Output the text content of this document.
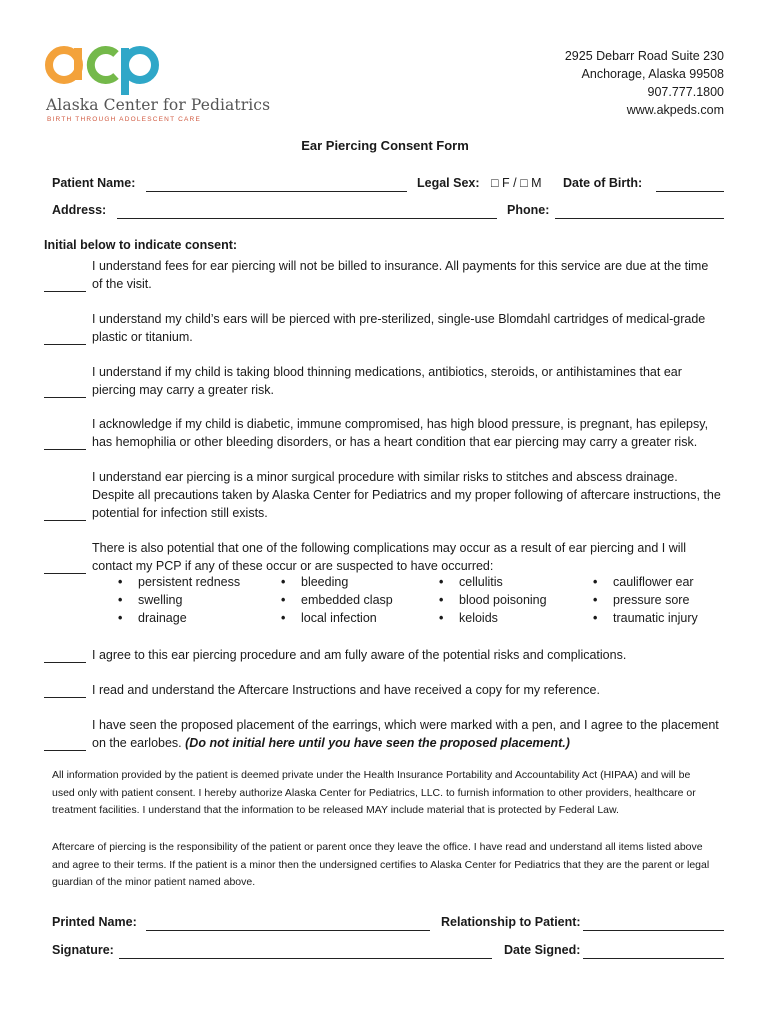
Alaska Center for Pediatrics
BIRTH THROUGH ADOLESCENT CARE
2925 Debarr Road Suite 230
Anchorage, Alaska 99508
907.777.1800
www.akpeds.com
Ear Piercing Consent Form
Patient Name:	Legal Sex: □ F / □ M Date of Birth:
Address:	Phone:
Initial below to indicate consent:
I understand fees for ear piercing will not be billed to insurance. All payments for this service are due at the time of the visit.
I understand my child’s ears will be pierced with pre-sterilized, single-use Blomdahl cartridges of medical-grade plastic or titanium.
I understand if my child is taking blood thinning medications, antibiotics, steroids, or antihistamines that ear piercing may carry a greater risk.
I acknowledge if my child is diabetic, immune compromised, has high blood pressure, is pregnant, has epilepsy, has hemophilia or other bleeding disorders, or has a heart condition that ear piercing may carry a greater risk.
I understand ear piercing is a minor surgical procedure with similar risks to stitches and abscess drainage. Despite all precautions taken by Alaska Center for Pediatrics and my proper following of aftercare instructions, the potential for infection still exists.
There is also potential that one of the following complications may occur as a result of ear piercing and I will contact my PCP if any of these occur or are suspected to have occurred:
• persistent redness	• bleeding	• cellulitis	• cauliflower ear
• swelling	• embedded clasp	• blood poisoning	• pressure sore
• drainage	• local infection	• keloids	• traumatic injury
I agree to this ear piercing procedure and am fully aware of the potential risks and complications.
I read and understand the Aftercare Instructions and have received a copy for my reference.
I have seen the proposed placement of the earrings, which were marked with a pen, and I agree to the placement on the earlobes. (Do not initial here until you have seen the proposed placement.)
All information provided by the patient is deemed private under the Health Insurance Portability and Accountability Act (HIPAA) and will be used only with patient consent. I hereby authorize Alaska Center for Pediatrics, LLC. to furnish information to other providers, healthcare or treatment facilities. I understand that the information to be released MAY include material that is protected by Federal Law.
Aftercare of piercing is the responsibility of the patient or parent once they leave the office. I have read and understand all items listed above and agree to their terms. If the patient is a minor then the undersigned certifies to Alaska Center for Pediatrics that they are the parent or legal guardian of the minor patient named above.
Printed Name:	Relationship to Patient:
Signature:	Date Signed:
